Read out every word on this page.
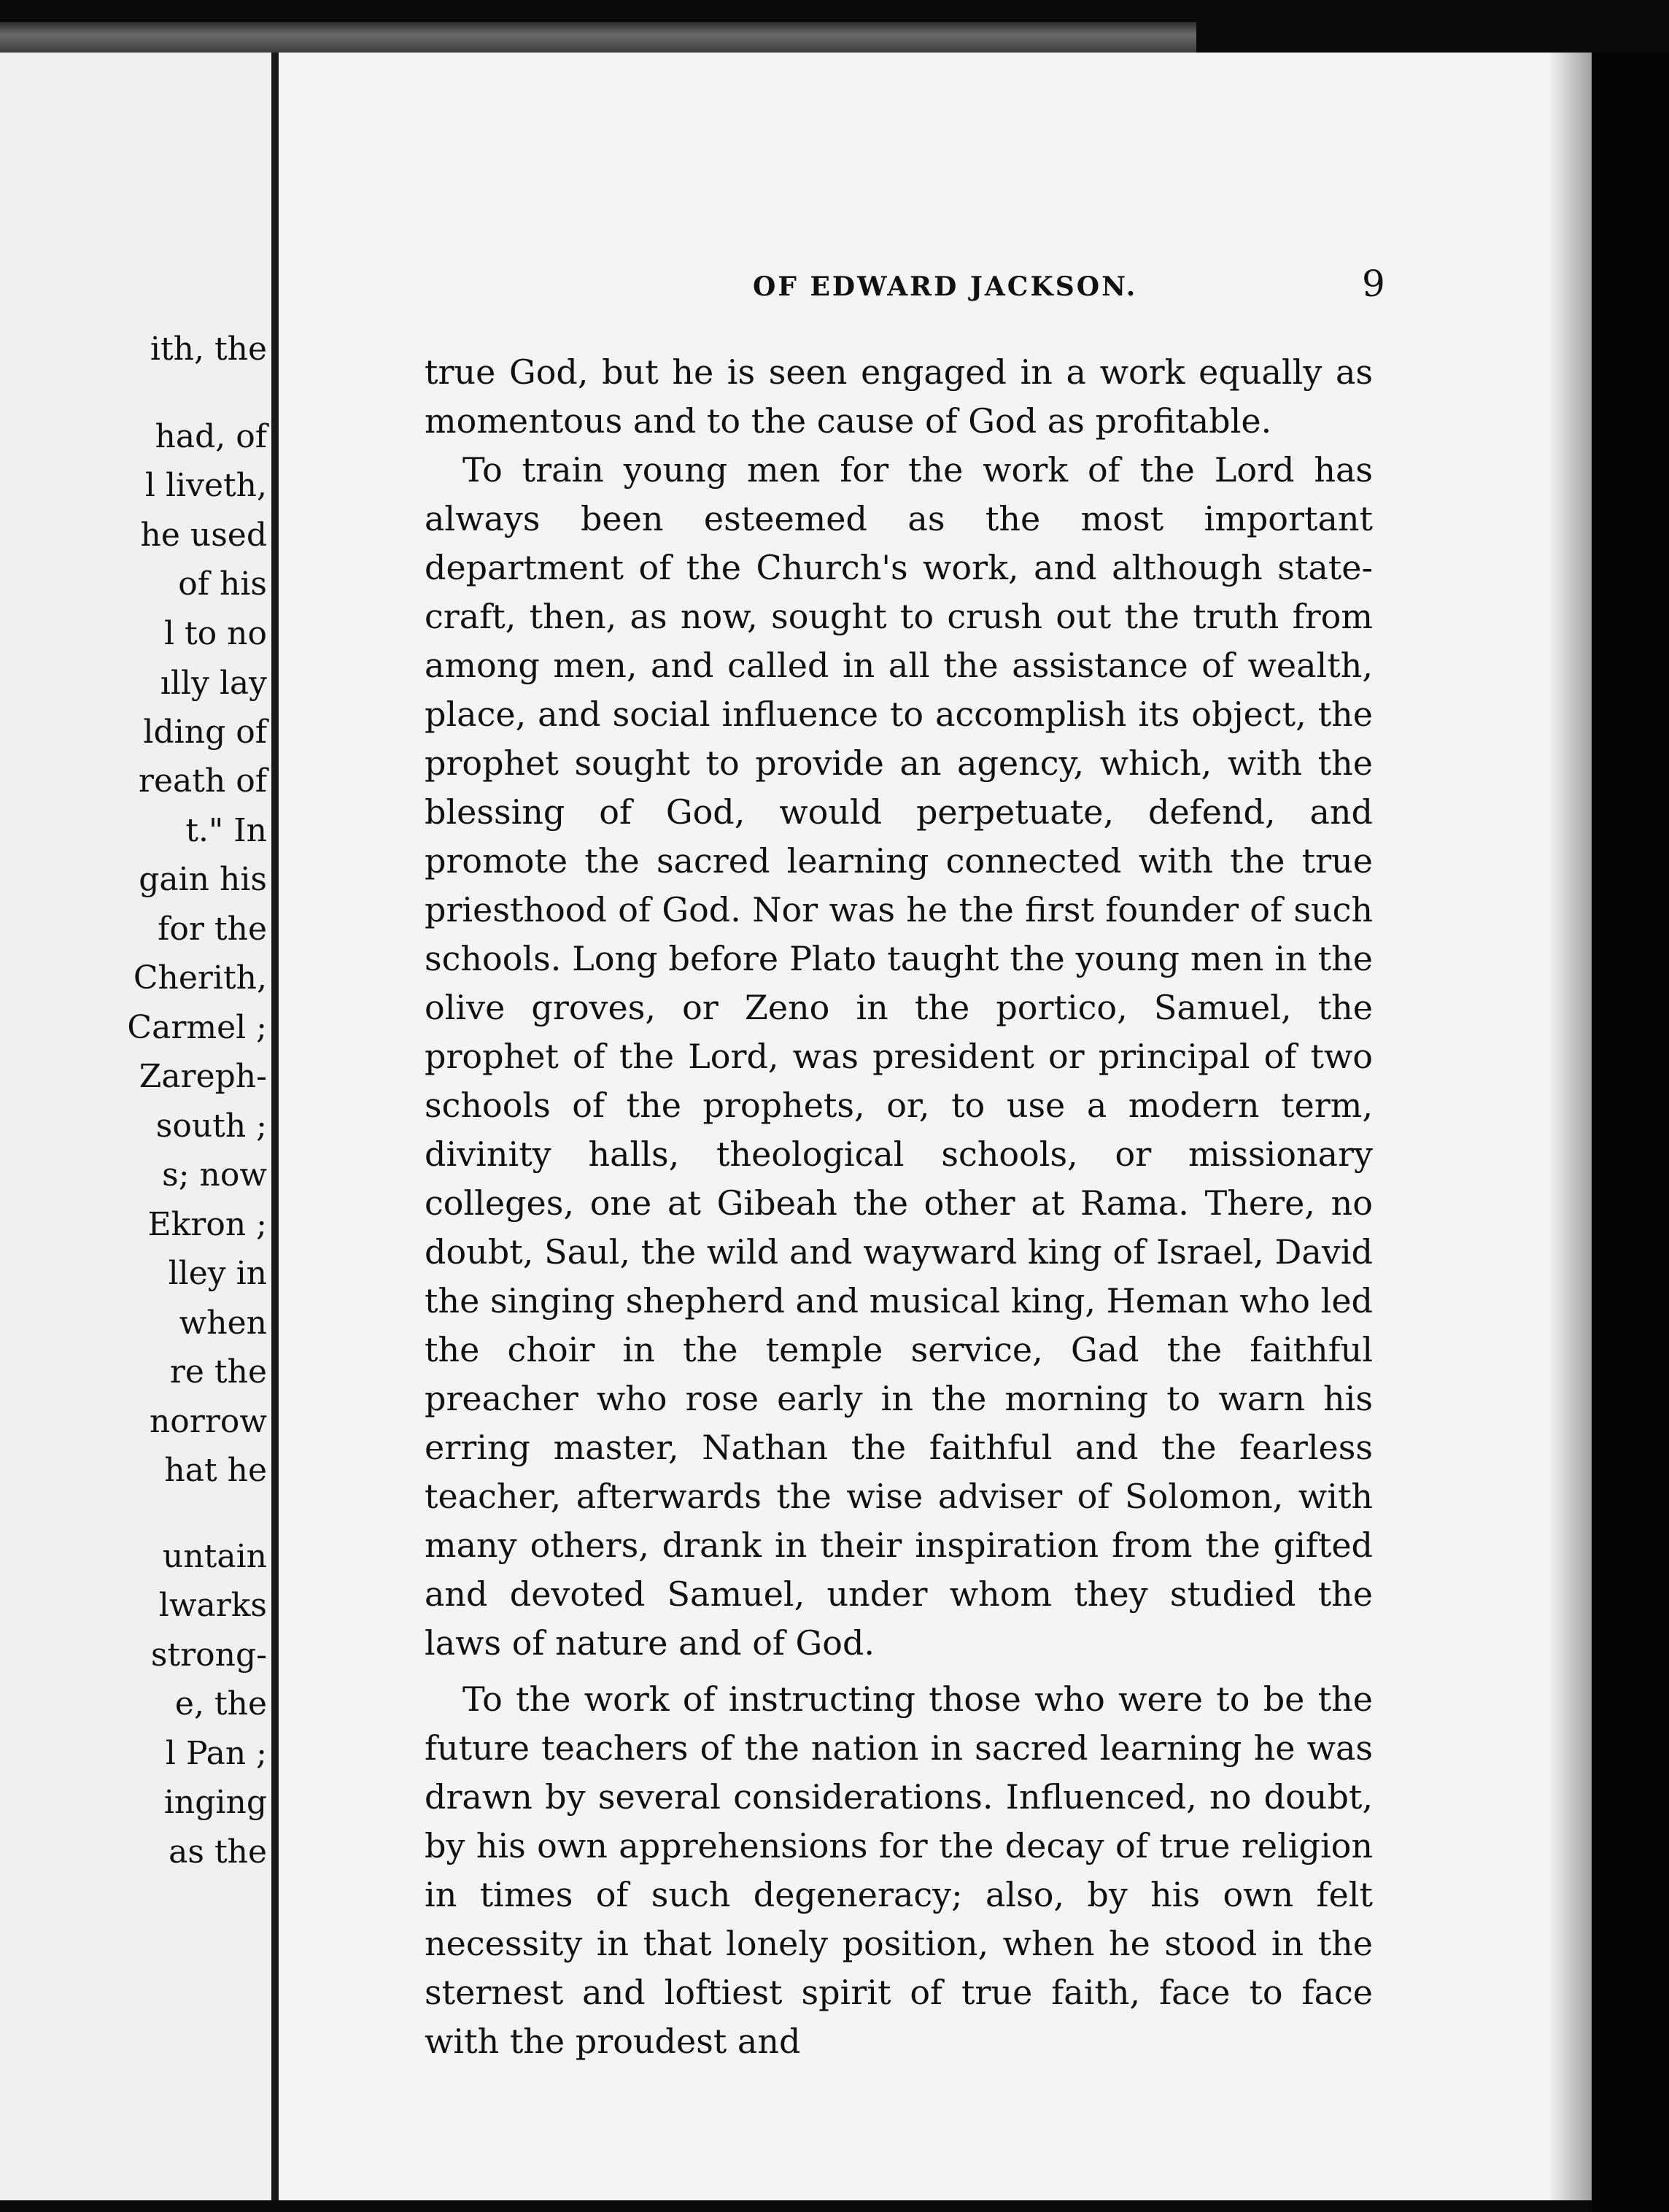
ith, the
had, of
l liveth,
he used
of his
l to no
ılly lay
lding of
reath of
t." In
gain his
for the
Cherith,
Carmel ;
Zareph-
south ;
s; now
Ekron ;
lley in
when
re the
norrow
hat he
untain
lwarks
strong-
e, the
l Pan ;
inging
as the
OF EDWARD JACKSON.	9

true God, but he is seen engaged in a work equally as momentous and to the cause of God as profitable.

To train young men for the work of the Lord has always been esteemed as the most important department of the Church's work, and although state-craft, then, as now, sought to crush out the truth from among men, and called in all the assistance of wealth, place, and social influence to accomplish its object, the prophet sought to provide an agency, which, with the blessing of God, would perpetuate, defend, and promote the sacred learning connected with the true priesthood of God. Nor was he the first founder of such schools. Long before Plato taught the young men in the olive groves, or Zeno in the portico, Samuel, the prophet of the Lord, was president or principal of two schools of the prophets, or, to use a modern term, divinity halls, theological schools, or missionary colleges, one at Gibeah the other at Rama. There, no doubt, Saul, the wild and wayward king of Israel, David the singing shepherd and musical king, Heman who led the choir in the temple service, Gad the faithful preacher who rose early in the morning to warn his erring master, Nathan the faithful and the fearless teacher, afterwards the wise adviser of Solomon, with many others, drank in their inspiration from the gifted and devoted Samuel, under whom they studied the laws of nature and of God.

To the work of instructing those who were to be the future teachers of the nation in sacred learning he was drawn by several considerations. Influenced, no doubt, by his own apprehensions for the decay of true religion in times of such degeneracy; also, by his own felt necessity in that lonely position, when he stood in the sternest and loftiest spirit of true faith, face to face with the proudest and
